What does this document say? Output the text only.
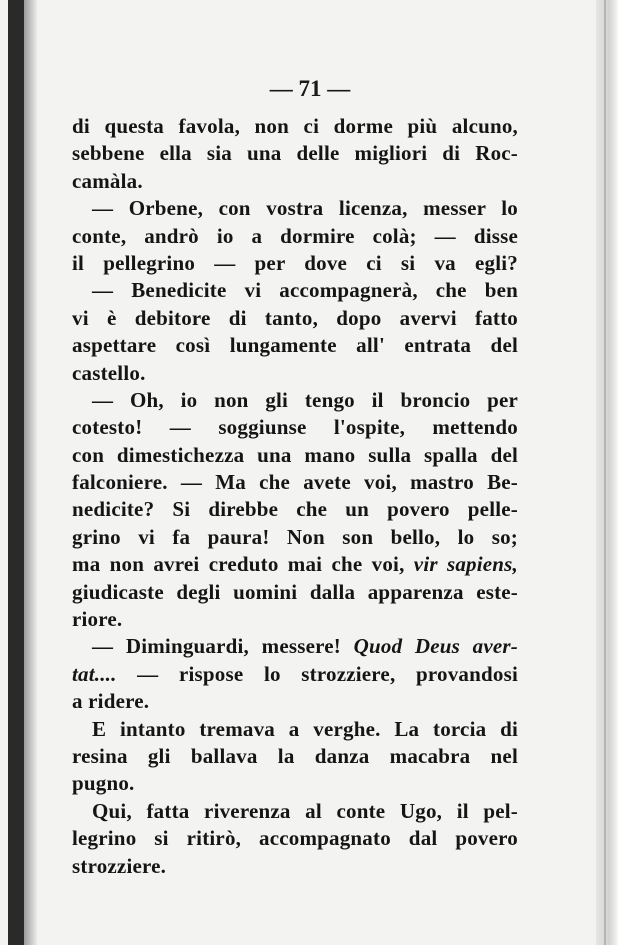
— 71 —
di questa favola, non ci dorme più alcuno,
sebbene ella sia una delle migliori di Roc-
camàla.
— Orbene, con vostra licenza, messer lo
conte, andrò io a dormire colà; — disse
il pellegrino — per dove ci si va egli?
— Benedicite vi accompagnerà, che ben
vi è debitore di tanto, dopo avervi fatto
aspettare così lungamente all' entrata del
castello.
— Oh, io non gli tengo il broncio per
cotesto! — soggiunse l'ospite, mettendo
con dimestichezza una mano sulla spalla del
falconiere. — Ma che avete voi, mastro Be-
nedicite? Si direbbe che un povero pelle-
grino vi fa paura! Non son bello, lo so;
ma non avrei creduto mai che voi, vir sapiens,
giudicaste degli uomini dalla apparenza este-
riore.
— Diminguardi, messere! Quod Deus aver-
tat.... — rispose lo strozziere, provandosi
a ridere.
E intanto tremava a verghe. La torcia di
resina gli ballava la danza macabra nel
pugno.
Qui, fatta riverenza al conte Ugo, il pel-
legrino si ritirò, accompagnato dal povero
strozziere.
